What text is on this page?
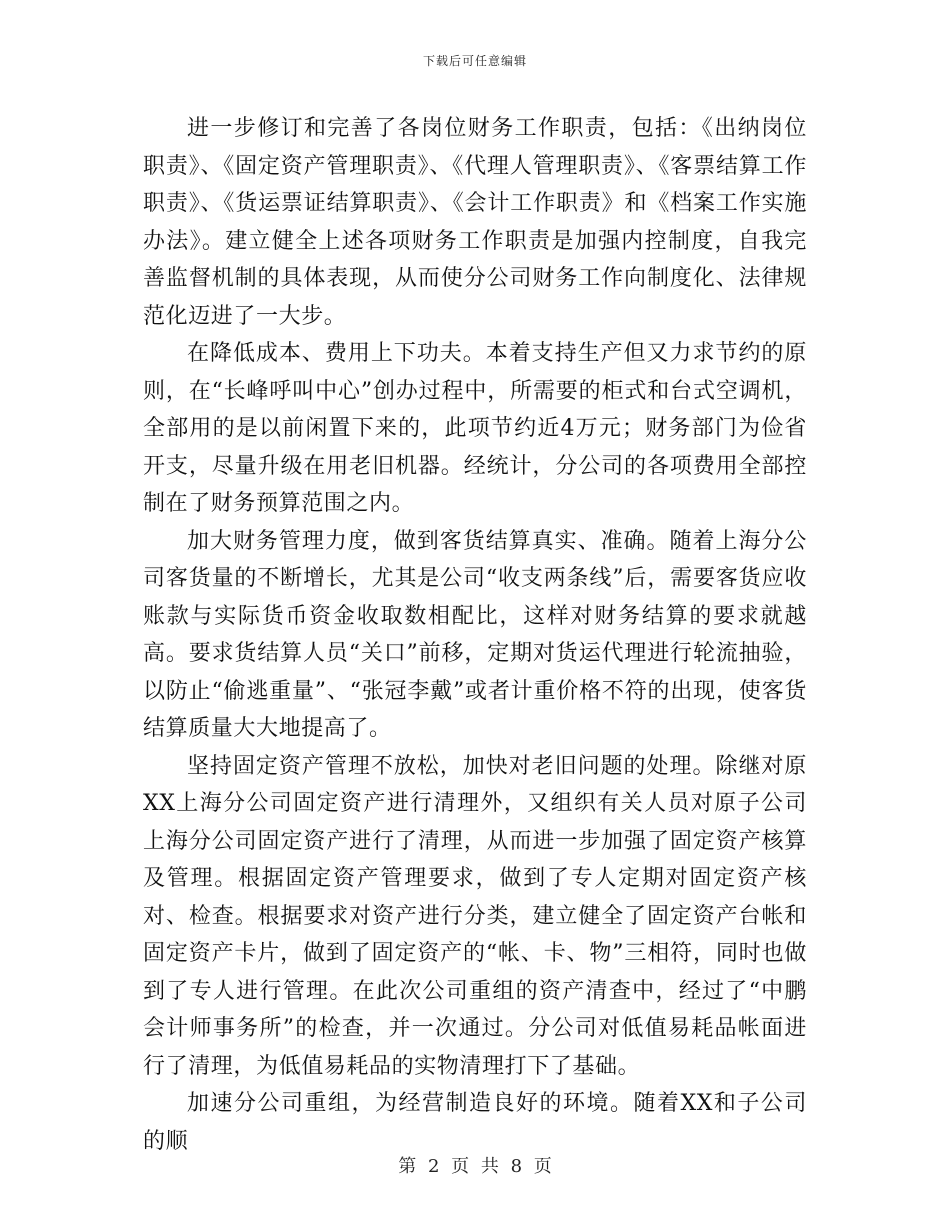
下载后可任意编辑

进一步修订和完善了各岗位财务工作职责，包括：《出纳岗位职责》、《固定资产管理职责》、《代理人管理职责》、《客票结算工作职责》、《货运票证结算职责》、《会计工作职责》和《档案工作实施办法》。建立健全上述各项财务工作职责是加强内控制度，自我完善监督机制的具体表现，从而使分公司财务工作向制度化、法律规范化迈进了一大步。

在降低成本、费用上下功夫。本着支持生产但又力求节约的原则，在“长峰呼叫中心”创办过程中，所需要的柜式和台式空调机，全部用的是以前闲置下来的，此项节约近4万元；财务部门为俭省开支，尽量升级在用老旧机器。经统计，分公司的各项费用全部控制在了财务预算范围之内。

加大财务管理力度，做到客货结算真实、准确。随着上海分公司客货量的不断增长，尤其是公司“收支两条线”后，需要客货应收账款与实际货币资金收取数相配比，这样对财务结算的要求就越高。要求货结算人员“关口”前移，定期对货运代理进行轮流抽验，以防止“偷逃重量”、“张冠李戴”或者计重价格不符的出现，使客货结算质量大大地提高了。

坚持固定资产管理不放松，加快对老旧问题的处理。除继对原XX上海分公司固定资产进行清理外，又组织有关人员对原子公司上海分公司固定资产进行了清理，从而进一步加强了固定资产核算及管理。根据固定资产管理要求，做到了专人定期对固定资产核对、检查。根据要求对资产进行分类，建立健全了固定资产台帐和固定资产卡片，做到了固定资产的“帐、卡、物”三相符，同时也做到了专人进行管理。在此次公司重组的资产清查中，经过了“中鹏会计师事务所”的检查，并一次通过。分公司对低值易耗品帐面进行了清理，为低值易耗品的实物清理打下了基础。

加速分公司重组，为经营制造良好的环境。随着XX和子公司的顺

第 2 页 共 8 页
